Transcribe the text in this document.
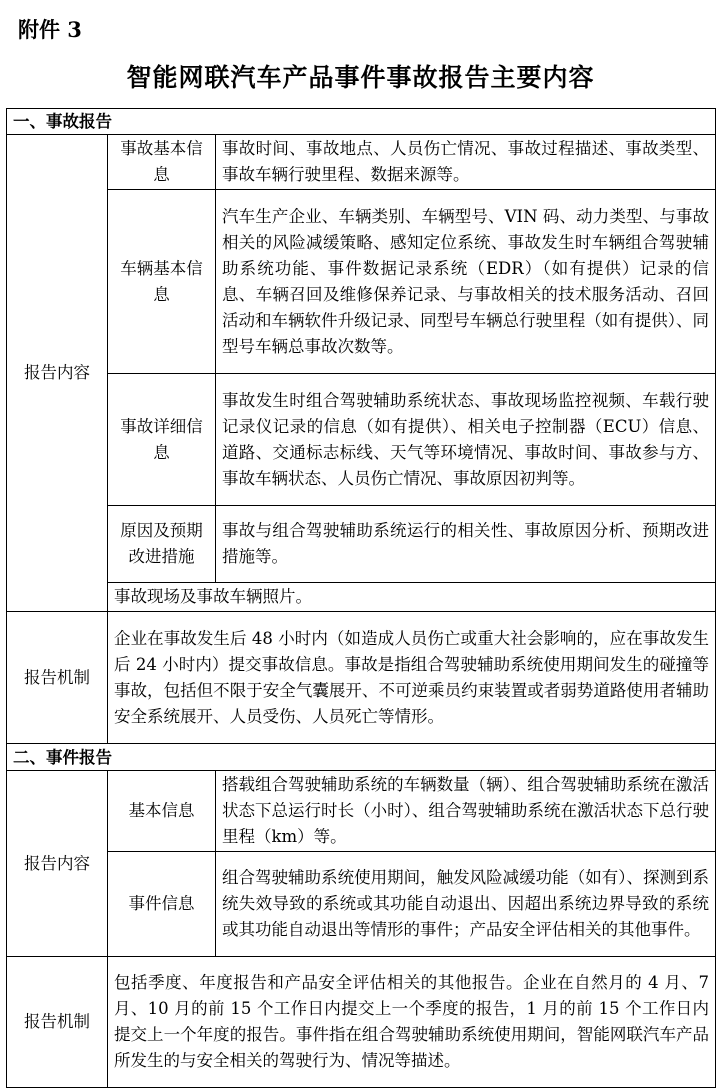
附件 3
智能网联汽车产品事件事故报告主要内容
一、事故报告		
报告内容	事故基本信息	事故时间、事故地点、人员伤亡情况、事故过程描述、事故类型、事故车辆行驶里程、数据来源等。
	车辆基本信息	汽车生产企业、车辆类别、车辆型号、VIN 码、动力类型、与事故相关的风险减缓策略、感知定位系统、事故发生时车辆组合驾驶辅助系统功能、事件数据记录系统（EDR）（如有提供）记录的信息、车辆召回及维修保养记录、与事故相关的技术服务活动、召回活动和车辆软件升级记录、同型号车辆总行驶里程（如有提供）、同型号车辆总事故次数等。
	事故详细信息	事故发生时组合驾驶辅助系统状态、事故现场监控视频、车载行驶记录仪记录的信息（如有提供）、相关电子控制器（ECU）信息、道路、交通标志标线、天气等环境情况、事故时间、事故参与方、事故车辆状态、人员伤亡情况、事故原因初判等。
	原因及预期改进措施	事故与组合驾驶辅助系统运行的相关性、事故原因分析、预期改进措施等。
	事故现场及事故车辆照片。	
报告机制	企业在事故发生后 48 小时内（如造成人员伤亡或重大社会影响的，应在事故发生后 24 小时内）提交事故信息。事故是指组合驾驶辅助系统使用期间发生的碰撞等事故，包括但不限于安全气囊展开、不可逆乘员约束装置或者弱势道路使用者辅助安全系统展开、人员受伤、人员死亡等情形。	
二、事件报告		
报告内容	基本信息	搭载组合驾驶辅助系统的车辆数量（辆）、组合驾驶辅助系统在激活状态下总运行时长（小时）、组合驾驶辅助系统在激活状态下总行驶里程（km）等。
	事件信息	组合驾驶辅助系统使用期间，触发风险减缓功能（如有）、探测到系统失效导致的系统或其功能自动退出、因超出系统边界导致的系统或其功能自动退出等情形的事件；产品安全评估相关的其他事件。
报告机制	包括季度、年度报告和产品安全评估相关的其他报告。企业在自然月的 4 月、7 月、10 月的前 15 个工作日内提交上一个季度的报告，1 月的前 15 个工作日内提交上一个年度的报告。事件指在组合驾驶辅助系统使用期间，智能网联汽车产品所发生的与安全相关的驾驶行为、情况等描述。	
